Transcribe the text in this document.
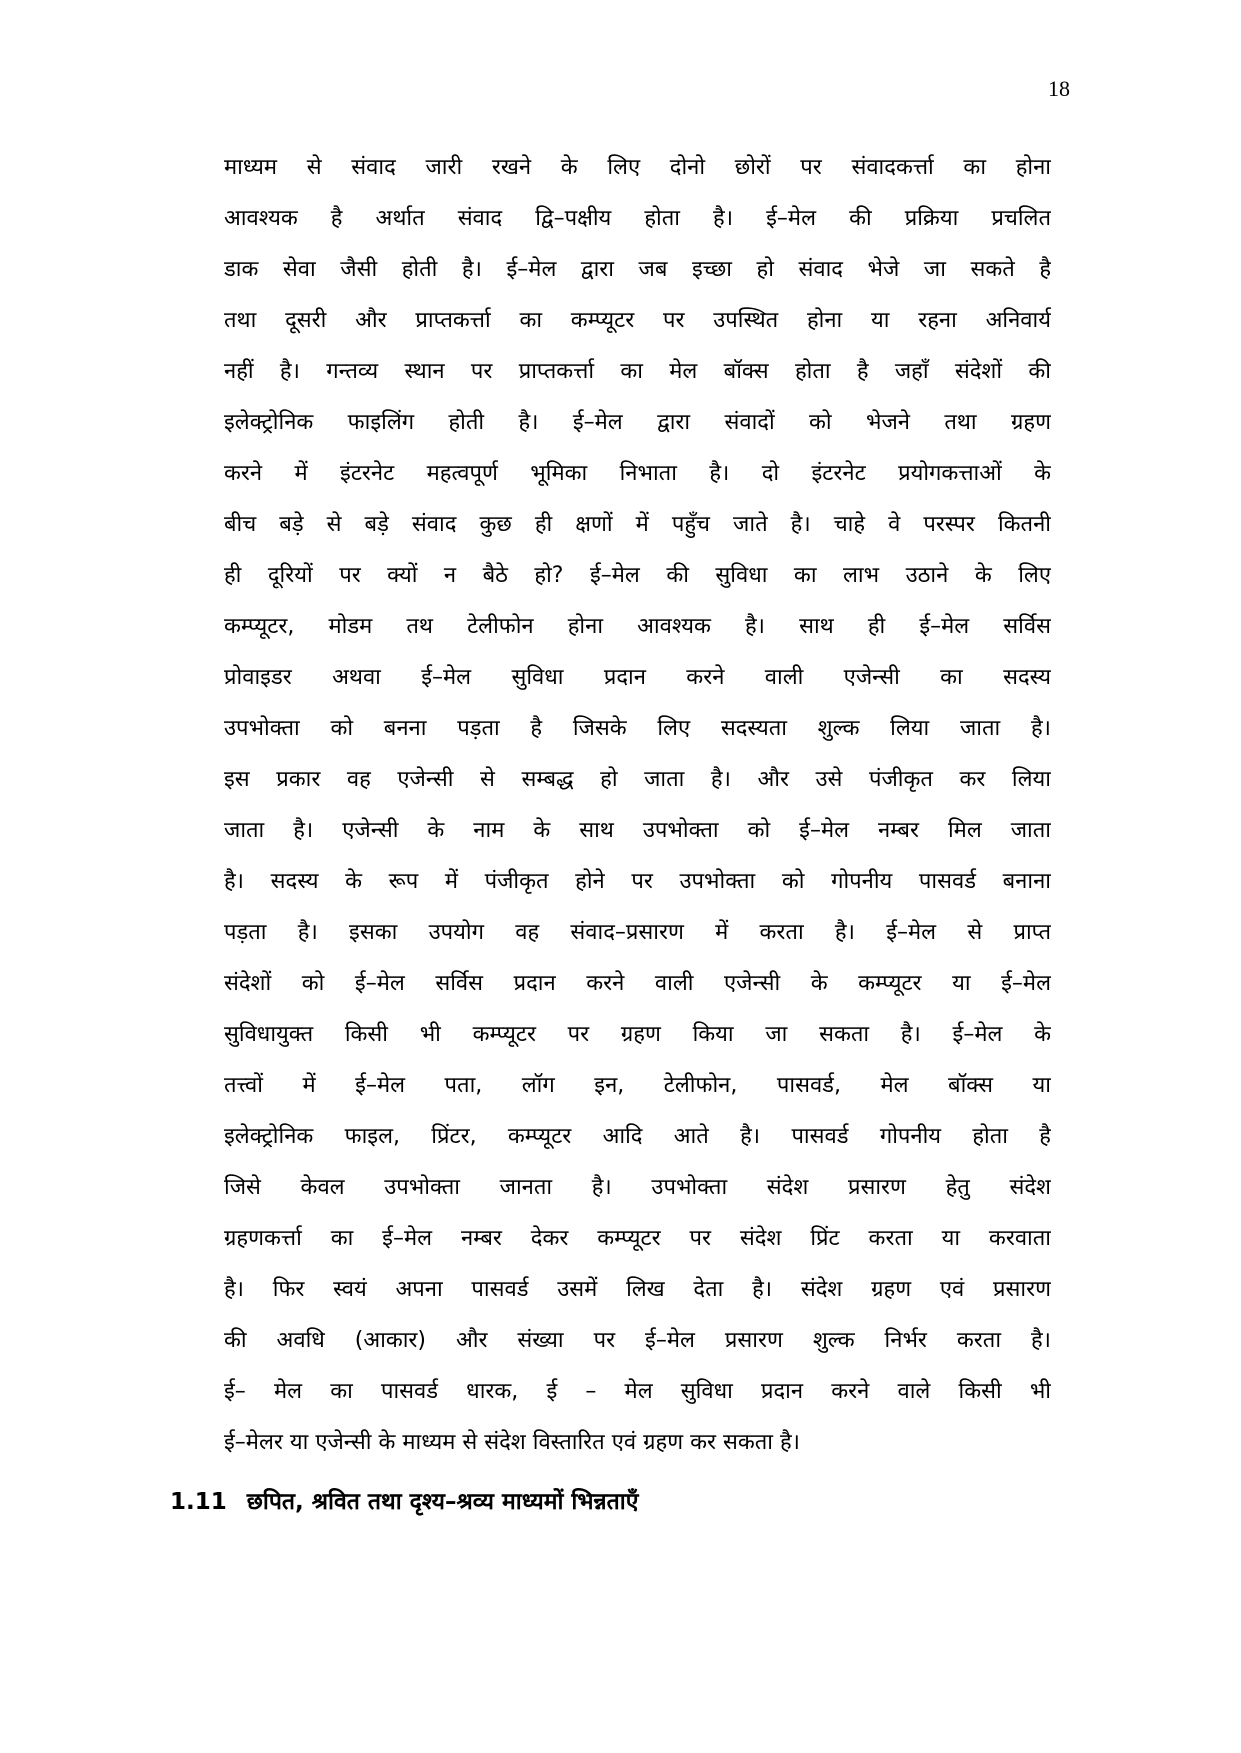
18
माध्यम से संवाद जारी रखने के लिए दोनो छोरों पर संवादकर्त्ता का होना
आवश्यक है अर्थात संवाद द्वि–पक्षीय होता है। ई–मेल की प्रक्रिया प्रचलित
डाक सेवा जैसी होती है। ई–मेल द्वारा जब इच्छा हो संवाद भेजे जा सकते है
तथा दूसरी और प्राप्तकर्त्ता का कम्प्यूटर पर उपस्थित होना या रहना अनिवार्य
नहीं है। गन्तव्य स्थान पर प्राप्तकर्त्ता का मेल बॉक्स होता है जहाँ संदेशों की
इलेक्ट्रोनिक फाइलिंग होती है। ई–मेल द्वारा संवादों को भेजने तथा ग्रहण
करने में इंटरनेट महत्वपूर्ण भूमिका निभाता है। दो इंटरनेट प्रयोगकत्ताओं के
बीच बड़े से बड़े संवाद कुछ ही क्षणों में पहुँच जाते है। चाहे वे परस्पर कितनी
ही दूरियों पर क्यों न बैठे हो? ई–मेल की सुविधा का लाभ उठाने के लिए
कम्प्यूटर, मोडम तथ टेलीफोन होना आवश्यक है। साथ ही ई–मेल सर्विस
प्रोवाइडर अथवा ई–मेल सुविधा प्रदान करने वाली एजेन्सी का सदस्य
उपभोक्ता को बनना पड़ता है जिसके लिए सदस्यता शुल्क लिया जाता है।
इस प्रकार वह एजेन्सी से सम्बद्ध हो जाता है। और उसे पंजीकृत कर लिया
जाता है। एजेन्सी के नाम के साथ उपभोक्ता को ई–मेल नम्बर मिल जाता
है। सदस्य के रूप में पंजीकृत होने पर उपभोक्ता को गोपनीय पासवर्ड बनाना
पड़ता है। इसका उपयोग वह संवाद–प्रसारण में करता है। ई–मेल से प्राप्त
संदेशों को ई–मेल सर्विस प्रदान करने वाली एजेन्सी के कम्प्यूटर या ई–मेल
सुविधायुक्त किसी भी कम्प्यूटर पर ग्रहण किया जा सकता है। ई–मेल के
तत्त्वों में ई–मेल पता, लॉग इन, टेलीफोन, पासवर्ड, मेल बॉक्स या
इलेक्ट्रोनिक फाइल, प्रिंटर, कम्प्यूटर आदि आते है। पासवर्ड गोपनीय होता है
जिसे केवल उपभोक्ता जानता है। उपभोक्ता संदेश प्रसारण हेतु संदेश
ग्रहणकर्त्ता का ई–मेल नम्बर देकर कम्प्यूटर पर संदेश प्रिंट करता या करवाता
है। फिर स्वयं अपना पासवर्ड उसमें लिख देता है। संदेश ग्रहण एवं प्रसारण
की अवधि (आकार) और संख्या पर ई–मेल प्रसारण शुल्क निर्भर करता है।
ई– मेल का पासवर्ड धारक, ई – मेल सुविधा प्रदान करने वाले किसी भी
ई–मेलर या एजेन्सी के माध्यम से संदेश विस्तारित एवं ग्रहण कर सकता है।
1.11 छपित, श्रवित तथा दृश्य–श्रव्य माध्यमों भिन्नताएँ
